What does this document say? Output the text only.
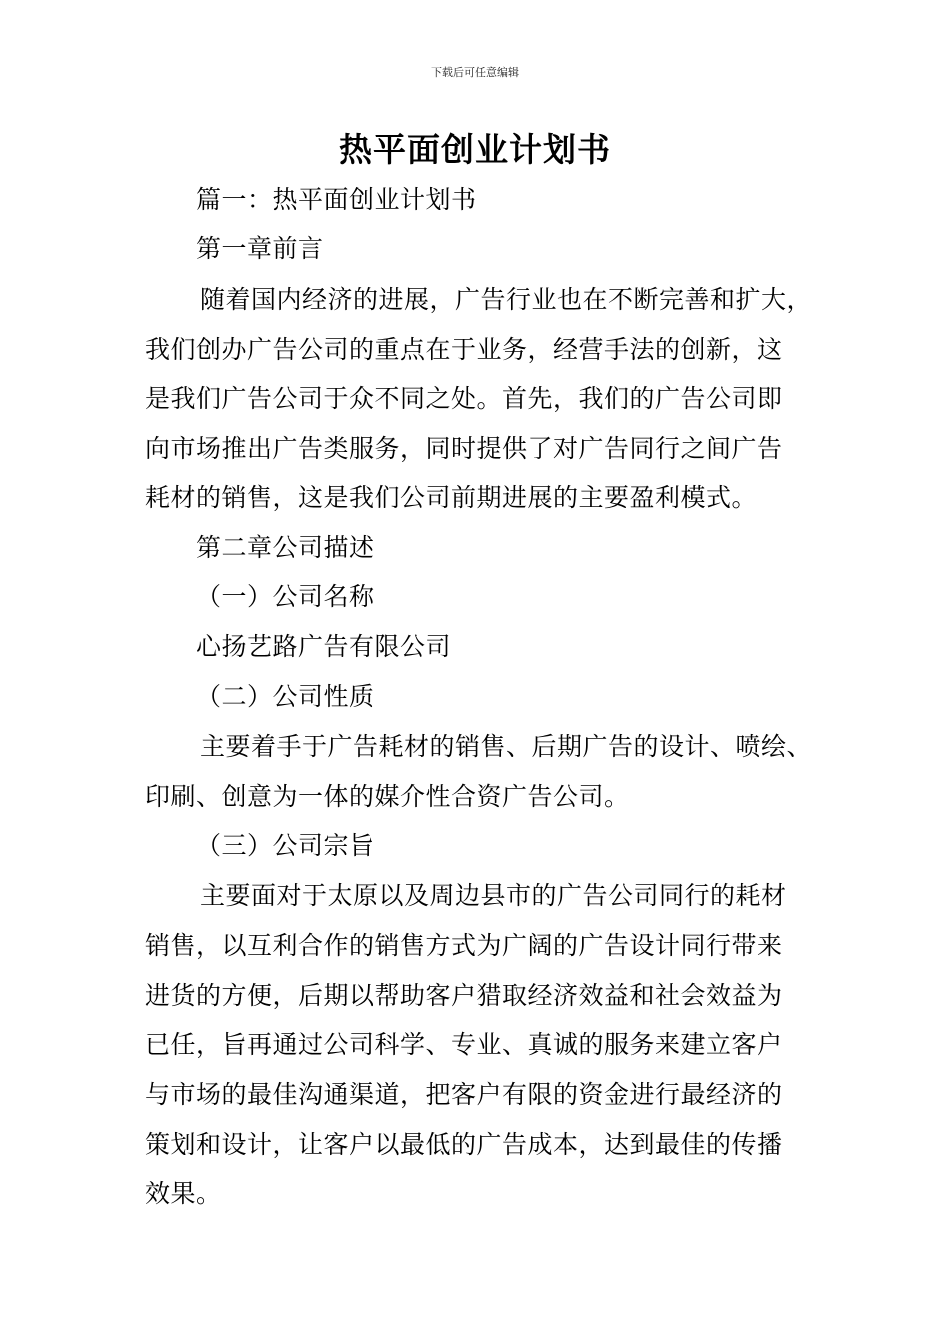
下载后可任意编辑
热平面创业计划书
篇一：热平面创业计划书
第一章前言
随着国内经济的进展，广告行业也在不断完善和扩大，
我们创办广告公司的重点在于业务，经营手法的创新，这
是我们广告公司于众不同之处。首先，我们的广告公司即
向市场推出广告类服务，同时提供了对广告同行之间广告
耗材的销售，这是我们公司前期进展的主要盈利模式。
第二章公司描述
（一）公司名称
心扬艺路广告有限公司
（二）公司性质
主要着手于广告耗材的销售、后期广告的设计、喷绘、
印刷、创意为一体的媒介性合资广告公司。
（三）公司宗旨
主要面对于太原以及周边县市的广告公司同行的耗材
销售，以互利合作的销售方式为广阔的广告设计同行带来
进货的方便，后期以帮助客户猎取经济效益和社会效益为
已任，旨再通过公司科学、专业、真诚的服务来建立客户
与市场的最佳沟通渠道，把客户有限的资金进行最经济的
策划和设计，让客户以最低的广告成本，达到最佳的传播
效果。
